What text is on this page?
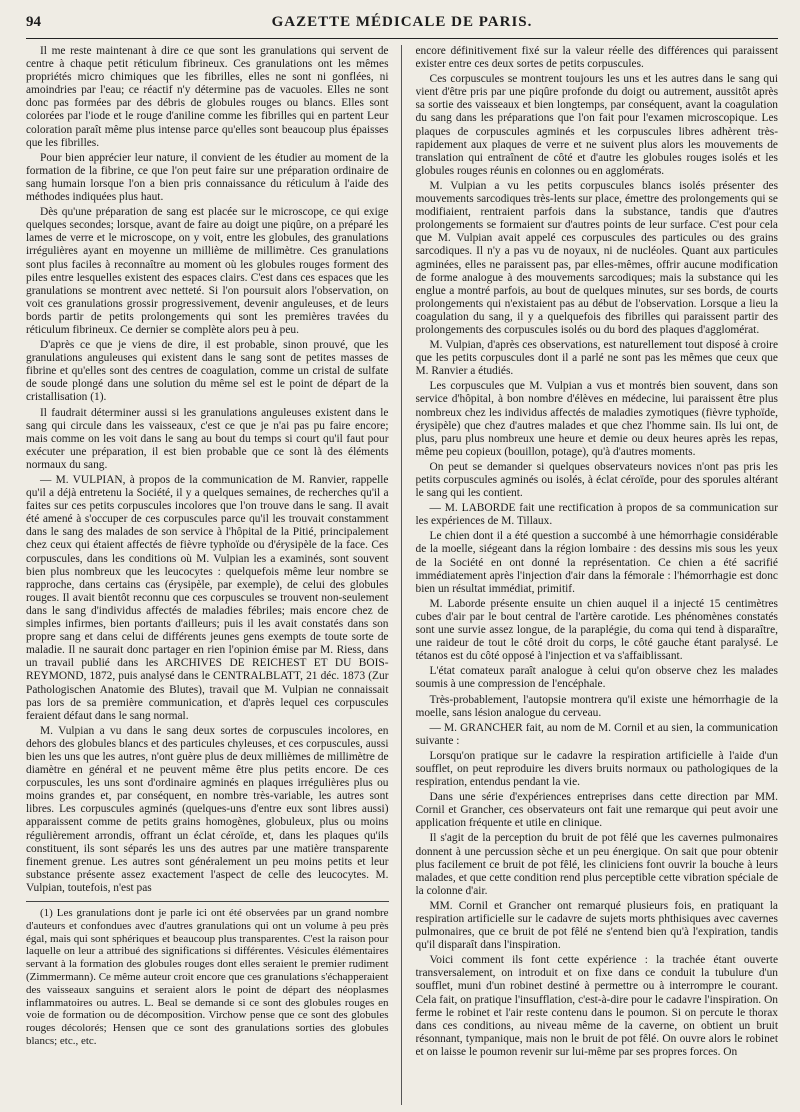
94	GAZETTE MÉDICALE DE PARIS.

Il me reste maintenant à dire ce que sont les granulations qui servent de centre à chaque petit réticulum fibrineux. Ces granulations ont les mêmes propriétés micro chimiques que les fibrilles, elles ne sont ni gonflées, ni amoindries par l'eau; ce réactif n'y détermine pas de vacuoles. Elles ne sont donc pas formées par des débris de globules rouges ou blancs. Elles sont colorées par l'iode et le rouge d'aniline comme les fibrilles qui en partent Leur coloration paraît même plus intense parce qu'elles sont beaucoup plus épaisses que les fibrilles.

Pour bien apprécier leur nature, il convient de les étudier au moment de la formation de la fibrine, ce que l'on peut faire sur une préparation ordinaire de sang humain lorsque l'on a bien pris connaissance du réticulum à l'aide des méthodes indiquées plus haut.

Dès qu'une préparation de sang est placée sur le microscope, ce qui exige quelques secondes; lorsque, avant de faire au doigt une piqûre, on a préparé les lames de verre et le microscope, on y voit, entre les globules, des granulations irrégulières ayant en moyenne un millième de millimètre. Ces granulations sont plus faciles à reconnaître au moment où les globules rouges forment des piles entre lesquelles existent des espaces clairs. C'est dans ces espaces que les granulations se montrent avec netteté. Si l'on poursuit alors l'observation, on voit ces granulations grossir progressivement, devenir anguleuses, et de leurs bords partir de petits prolongements qui sont les premières travées du réticulum fibrineux. Ce dernier se complète alors peu à peu.

D'après ce que je viens de dire, il est probable, sinon prouvé, que les granulations anguleuses qui existent dans le sang sont de petites masses de fibrine et qu'elles sont des centres de coagulation, comme un cristal de sulfate de soude plongé dans une solution du même sel est le point de départ de la cristallisation (1).

Il faudrait déterminer aussi si les granulations anguleuses existent dans le sang qui circule dans les vaisseaux, c'est ce que je n'ai pas pu faire encore; mais comme on les voit dans le sang au bout du temps si court qu'il faut pour exécuter une préparation, il est bien probable que ce sont là des éléments normaux du sang.

— M. VULPIAN, à propos de la communication de M. Ranvier, rappelle qu'il a déjà entretenu la Société, il y a quelques semaines, de recherches qu'il a faites sur ces petits corpuscules incolores que l'on trouve dans le sang. Il avait été amené à s'occuper de ces corpuscules parce qu'il les trouvait constamment dans le sang des malades de son service à l'hôpital de la Pitié, principalement chez ceux qui étaient affectés de fièvre typhoïde ou d'érysipèle de la face. Ces corpuscules, dans les conditions où M. Vulpian les a examinés, sont souvent bien plus nombreux que les leucocytes : quelquefois même leur nombre se rapproche, dans certains cas (érysipèle, par exemple), de celui des globules rouges. Il avait bientôt reconnu que ces corpuscules se trouvent non-seulement dans le sang d'individus affectés de maladies fébriles; mais encore chez de simples infirmes, bien portants d'ailleurs; puis il les avait constatés dans son propre sang et dans celui de différents jeunes gens exempts de toute sorte de maladie. Il ne saurait donc partager en rien l'opinion émise par M. Riess, dans un travail publié dans les ARCHIVES DE REICHEST ET DU BOIS-REYMOND, 1872, puis analysé dans le CENTRALBLATT, 21 déc. 1873 (Zur Pathologischen Anatomie des Blutes), travail que M. Vulpian ne connaissait pas lors de sa première communication, et d'après lequel ces corpuscules feraient défaut dans le sang normal.

M. Vulpian a vu dans le sang deux sortes de corpuscules incolores, en dehors des globules blancs et des particules chyleuses, et ces corpuscules, aussi bien les uns que les autres, n'ont guère plus de deux millièmes de millimètre de diamètre en général et ne peuvent même être plus petits encore. De ces corpuscules, les uns sont d'ordinaire agminés en plaques irrégulières plus ou moins grandes et, par conséquent, en nombre très-variable, les autres sont libres. Les corpuscules agminés (quelques-uns d'entre eux sont libres aussi) apparaissent comme de petits grains homogènes, globuleux, plus ou moins régulièrement arrondis, offrant un éclat céroïde, et, dans les plaques qu'ils constituent, ils sont séparés les uns des autres par une matière transparente finement grenue. Les autres sont généralement un peu moins petits et leur substance présente assez exactement l'aspect de celle des leucocytes. M. Vulpian, toutefois, n'est pas

(1) Les granulations dont je parle ici ont été observées par un grand nombre d'auteurs et confondues avec d'autres granulations qui ont un volume à peu près égal, mais qui sont sphériques et beaucoup plus transparentes. C'est la raison pour laquelle on leur a attribué des significations si différentes. Vésicules élémentaires servant à la formation des globules rouges dont elles seraient le premier rudiment (Zimmermann). Ce même auteur croit encore que ces granulations s'échapperaient des vaisseaux sanguins et seraient alors le point de départ des néoplasmes inflammatoires ou autres. L. Beal se demande si ce sont des globules rouges en voie de formation ou de décomposition. Virchow pense que ce sont des globules rouges décolorés; Hensen que ce sont des granulations sorties des globules blancs; etc., etc.

encore définitivement fixé sur la valeur réelle des différences qui paraissent exister entre ces deux sortes de petits corpuscules.

Ces corpuscules se montrent toujours les uns et les autres dans le sang qui vient d'être pris par une piqûre profonde du doigt ou autrement, aussitôt après sa sortie des vaisseaux et bien longtemps, par conséquent, avant la coagulation du sang dans les préparations que l'on fait pour l'examen microscopique. Les plaques de corpuscules agminés et les corpuscules libres adhèrent très-rapidement aux plaques de verre et ne suivent plus alors les mouvements de translation qui entraînent de côté et d'autre les globules rouges isolés et les globules rouges réunis en colonnes ou en agglomérats.

M. Vulpian a vu les petits corpuscules blancs isolés présenter des mouvements sarcodiques très-lents sur place, émettre des prolongements qui se modifiaient, rentraient parfois dans la substance, tandis que d'autres prolongements se formaient sur d'autres points de leur surface. C'est pour cela que M. Vulpian avait appelé ces corpuscules des particules ou des grains sarcodiques. Il n'y a pas vu de noyaux, ni de nucléoles. Quant aux particules agminées, elles ne paraissent pas, par elles-mêmes, offrir aucune modification de forme analogue à des mouvements sarcodiques; mais la substance qui les englue a montré parfois, au bout de quelques minutes, sur ses bords, de courts prolongements qui n'existaient pas au début de l'observation. Lorsque a lieu la coagulation du sang, il y a quelquefois des fibrilles qui paraissent partir des prolongements des corpuscules isolés ou du bord des plaques d'agglomérat.

M. Vulpian, d'après ces observations, est naturellement tout disposé à croire que les petits corpuscules dont il a parlé ne sont pas les mêmes que ceux que M. Ranvier a étudiés.

Les corpuscules que M. Vulpian a vus et montrés bien souvent, dans son service d'hôpital, à bon nombre d'élèves en médecine, lui paraissent être plus nombreux chez les individus affectés de maladies zymotiques (fièvre typhoïde, érysipèle) que chez d'autres malades et que chez l'homme sain. Ils lui ont, de plus, paru plus nombreux une heure et demie ou deux heures après les repas, même peu copieux (bouillon, potage), qu'à d'autres moments.

On peut se demander si quelques observateurs novices n'ont pas pris les petits corpuscules agminés ou isolés, à éclat céroïde, pour des sporules altérant le sang qui les contient.

— M. LABORDE fait une rectification à propos de sa communication sur les expériences de M. Tillaux.

Le chien dont il a été question a succombé à une hémorrhagie considérable de la moelle, siégeant dans la région lombaire : des dessins mis sous les yeux de la Société en ont donné la représentation. Ce chien a été sacrifié immédiatement après l'injection d'air dans la fémorale : l'hémorrhagie est donc bien un résultat immédiat, primitif.

M. Laborde présente ensuite un chien auquel il a injecté 15 centimètres cubes d'air par le bout central de l'artère carotide. Les phénomènes constatés sont une survie assez longue, de la paraplégie, du coma qui tend à disparaître, une raideur de tout le côté droit du corps, le côté gauche étant paralysé. Le tétanos est du côté opposé à l'injection et va s'affaiblissant.

L'état comateux paraît analogue à celui qu'on observe chez les malades soumis à une compression de l'encéphale.

Très-probablement, l'autopsie montrera qu'il existe une hémorrhagie de la moelle, sans lésion analogue du cerveau.

— M. GRANCHER fait, au nom de M. Cornil et au sien, la communication suivante :

Lorsqu'on pratique sur le cadavre la respiration artificielle à l'aide d'un soufflet, on peut reproduire les divers bruits normaux ou pathologiques de la respiration, entendus pendant la vie.

Dans une série d'expériences entreprises dans cette direction par MM. Cornil et Grancher, ces observateurs ont fait une remarque qui peut avoir une application fréquente et utile en clinique.

Il s'agit de la perception du bruit de pot fêlé que les cavernes pulmonaires donnent à une percussion sèche et un peu énergique. On sait que pour obtenir plus facilement ce bruit de pot fêlé, les cliniciens font ouvrir la bouche à leurs malades, et que cette condition rend plus perceptible cette vibration spéciale de la colonne d'air.

MM. Cornil et Grancher ont remarqué plusieurs fois, en pratiquant la respiration artificielle sur le cadavre de sujets morts phthisiques avec cavernes pulmonaires, que ce bruit de pot fêlé ne s'entend bien qu'à l'expiration, tandis qu'il disparaît dans l'inspiration.

Voici comment ils font cette expérience : la trachée étant ouverte transversalement, on introduit et on fixe dans ce conduit la tubulure d'un soufflet, muni d'un robinet destiné à permettre ou à interrompre le courant. Cela fait, on pratique l'insufflation, c'est-à-dire pour le cadavre l'inspiration. On ferme le robinet et l'air reste contenu dans le poumon. Si on percute le thorax dans ces conditions, au niveau même de la caverne, on obtient un bruit résonnant, tympanique, mais non le bruit de pot fêlé. On ouvre alors le robinet et on laisse le poumon revenir sur lui-même par ses propres forces. On
